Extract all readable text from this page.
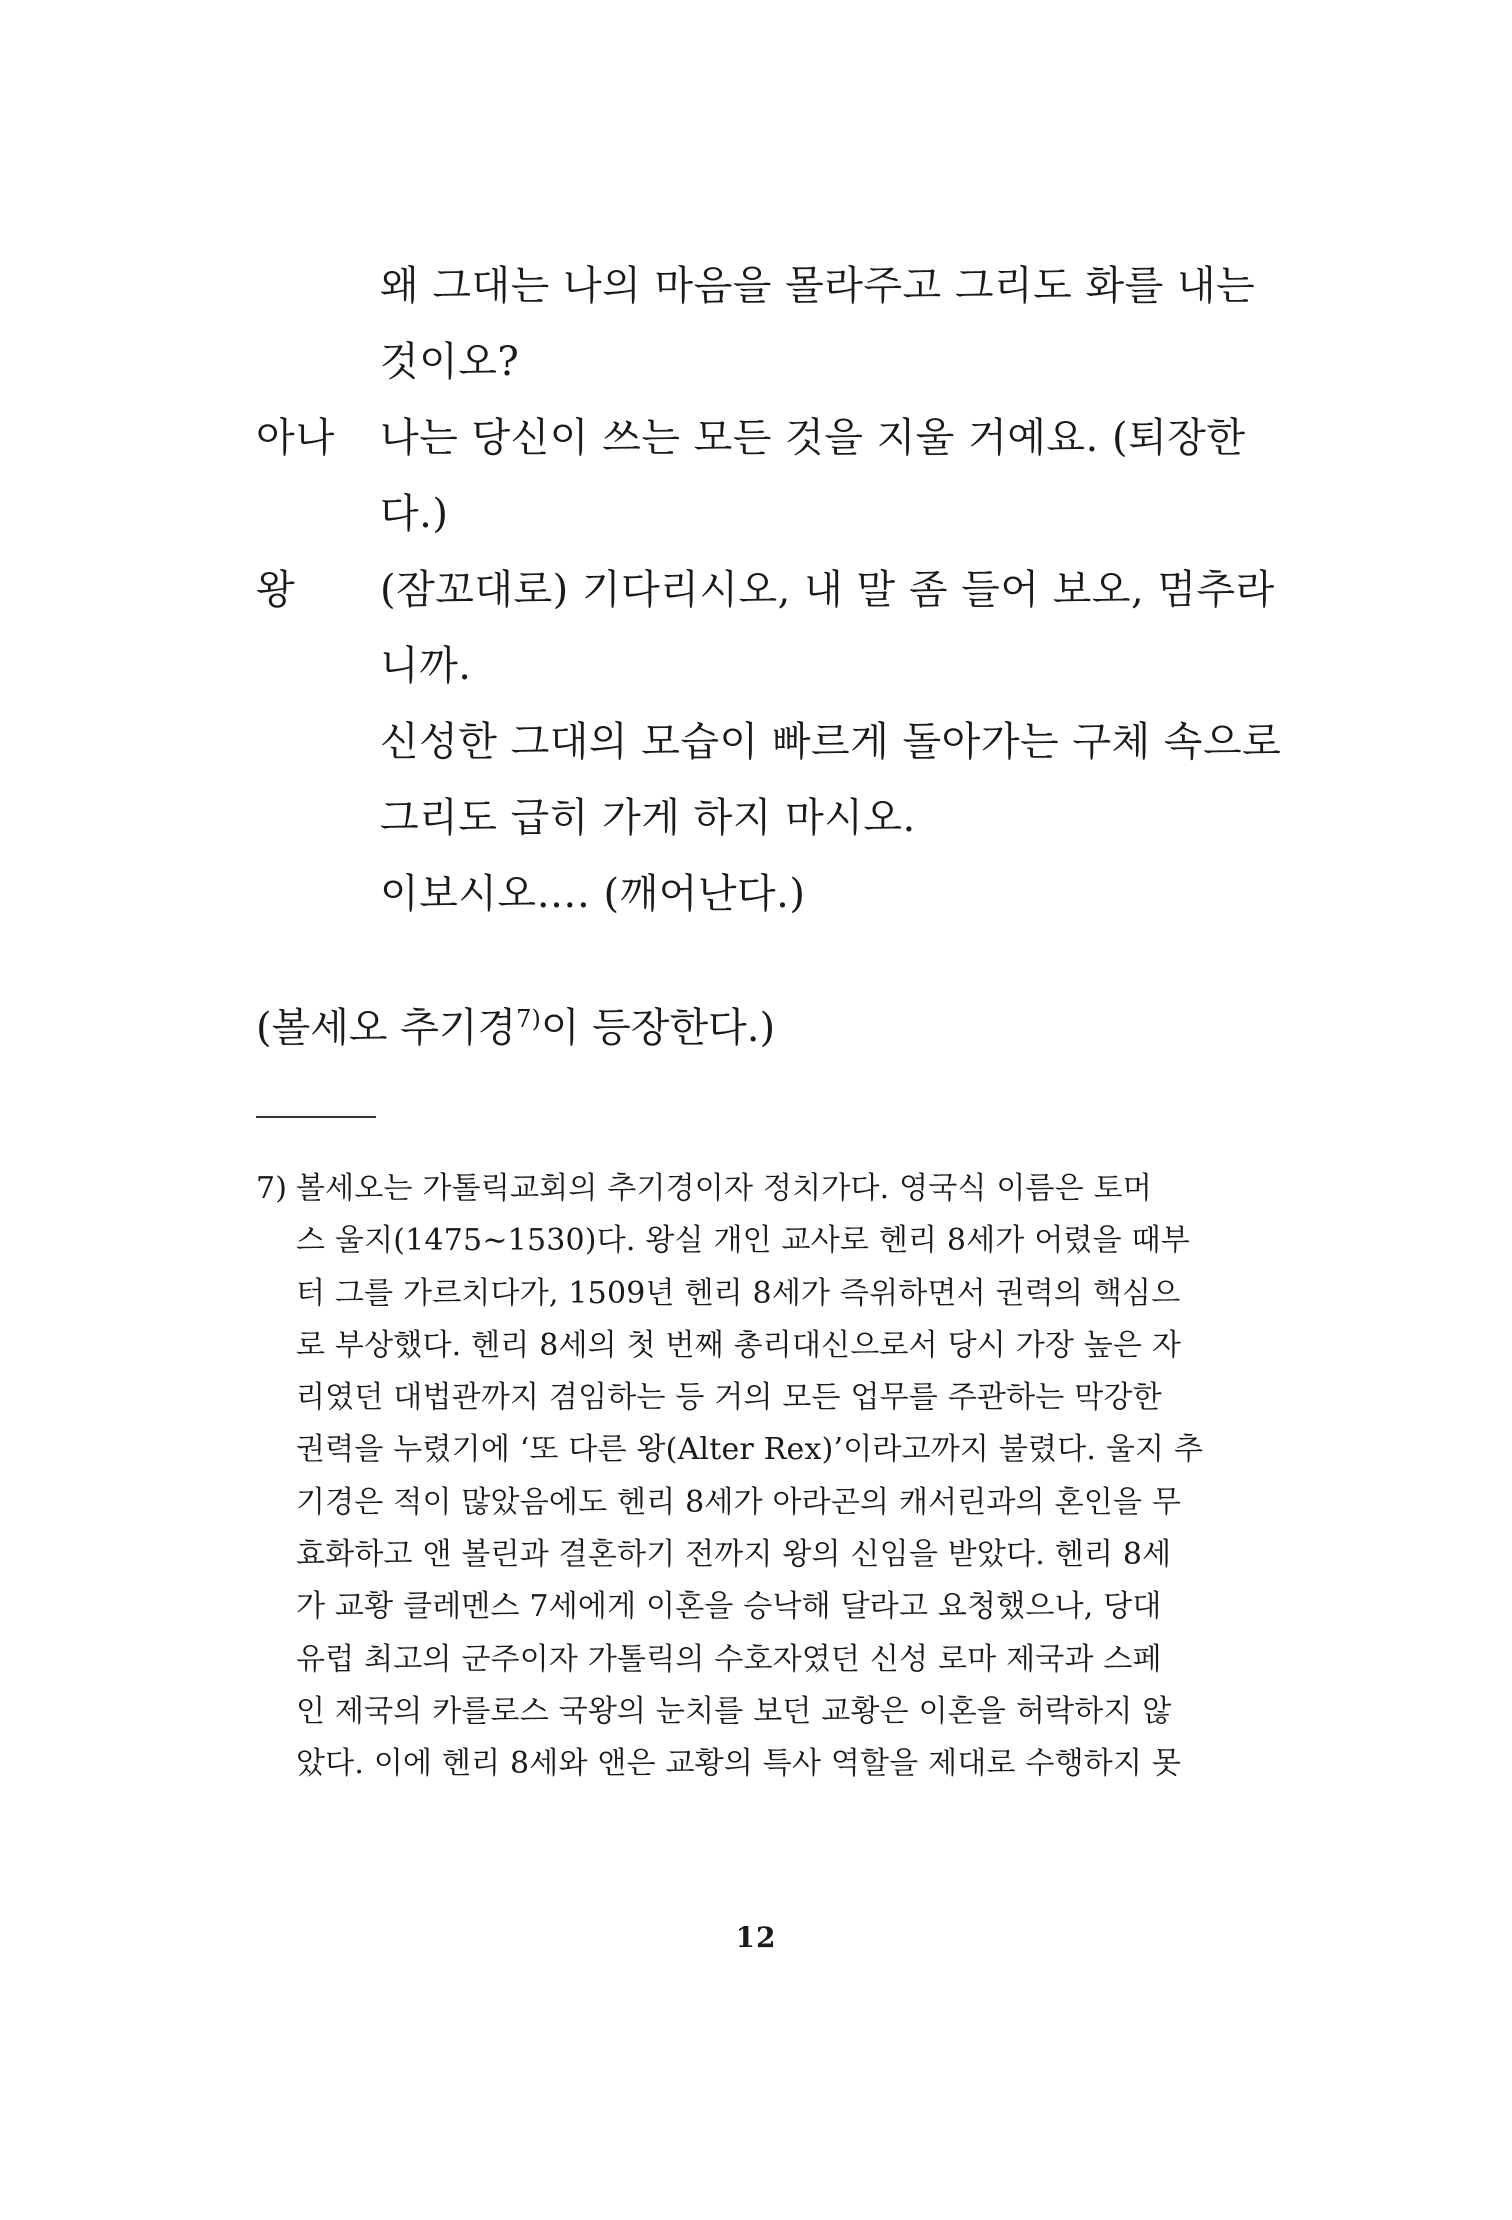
왜 그대는 나의 마음을 몰라주고 그리도 화를 내는
것이오?
아나	나는 당신이 쓰는 모든 것을 지울 거예요. (퇴장한
다.)
왕	(잠꼬대로) 기다리시오, 내 말 좀 들어 보오, 멈추라
니까.
신성한 그대의 모습이 빠르게 돌아가는 구체 속으로
그리도 급히 가게 하지 마시오.
이보시오…. (깨어난다.)
(볼세오 추기경$^{7)}$이 등장한다.)
7) 볼세오는 가톨릭교회의 추기경이자 정치가다. 영국식 이름은 토머
스 울지(1475∼1530)다. 왕실 개인 교사로 헨리 8세가 어렸을 때부
터 그를 가르치다가, 1509년 헨리 8세가 즉위하면서 권력의 핵심으
로 부상했다. 헨리 8세의 첫 번째 총리대신으로서 당시 가장 높은 자
리였던 대법관까지 겸임하는 등 거의 모든 업무를 주관하는 막강한
권력을 누렸기에 ‘또 다른 왕(Alter Rex)’이라고까지 불렸다. 울지 추
기경은 적이 많았음에도 헨리 8세가 아라곤의 캐서린과의 혼인을 무
효화하고 앤 볼린과 결혼하기 전까지 왕의 신임을 받았다. 헨리 8세
가 교황 클레멘스 7세에게 이혼을 승낙해 달라고 요청했으나, 당대
유럽 최고의 군주이자 가톨릭의 수호자였던 신성 로마 제국과 스페
인 제국의 카를로스 국왕의 눈치를 보던 교황은 이혼을 허락하지 않
았다. 이에 헨리 8세와 앤은 교황의 특사 역할을 제대로 수행하지 못
12
